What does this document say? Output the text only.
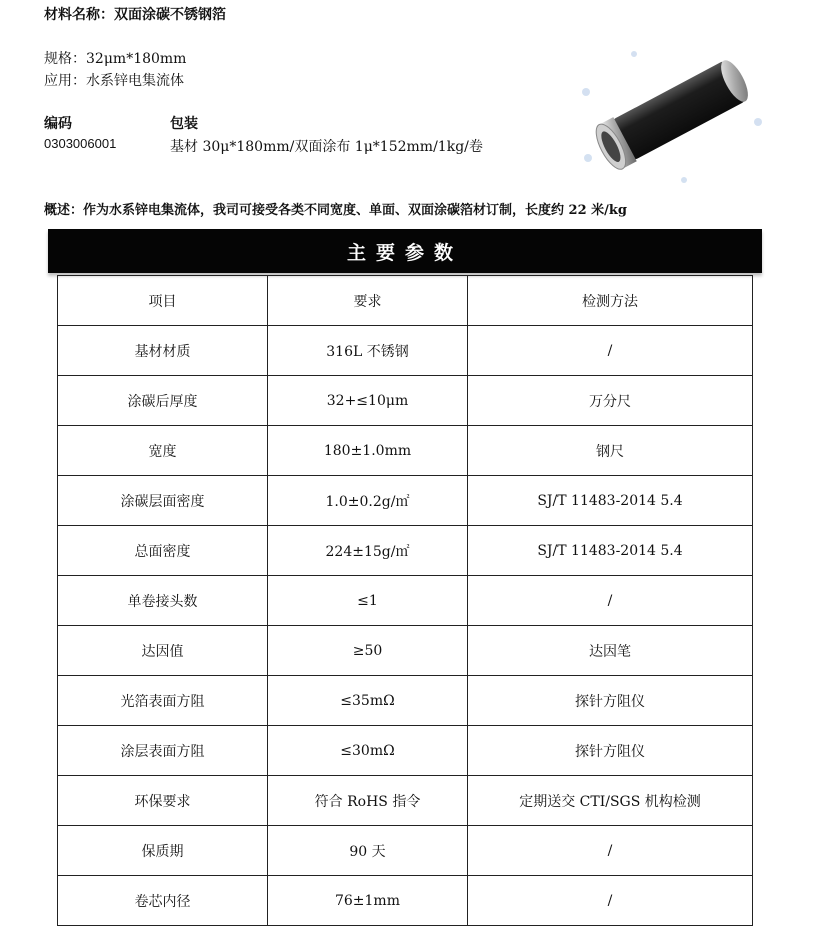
材料名称：双面涂碳不锈钢箔
规格：32μm*180mm
应用：水系锌电集流体
编码	包装
0303006001	基材 30μ*180mm/双面涂布 1μ*152mm/1kg/卷
概述：作为水系锌电集流体，我司可接受各类不同宽度、单面、双面涂碳箔材订制，长度约 22 米/kg
主要参数
项目	要求	检测方法
基材材质	316L 不锈钢	/
涂碳后厚度	32+≤10μm	万分尺
宽度	180±1.0mm	钢尺
涂碳层面密度	1.0±0.2g/㎡	SJ/T 11483-2014 5.4
总面密度	224±15g/㎡	SJ/T 11483-2014 5.4
单卷接头数	≤1	/
达因值	≥50	达因笔
光箔表面方阻	≤35mΩ	探针方阻仪
涂层表面方阻	≤30mΩ	探针方阻仪
环保要求	符合 RoHS 指令	定期送交 CTI/SGS 机构检测
保质期	90 天	/
卷芯内径	76±1mm	/
